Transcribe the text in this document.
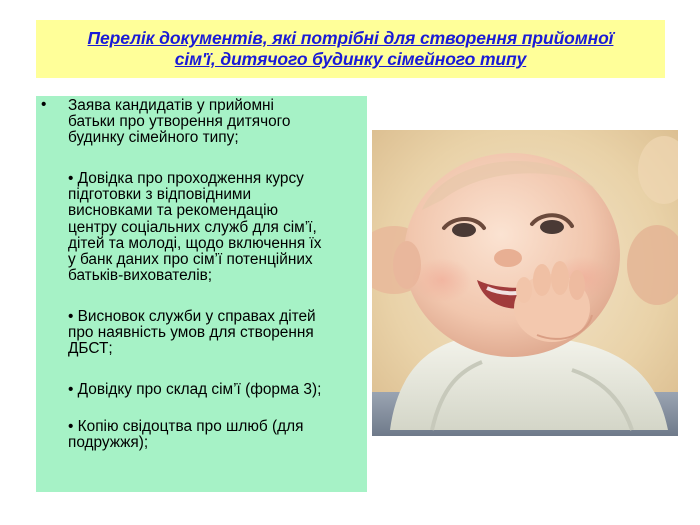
Перелік документів, які потрібні для створення прийомної
сім'ї, дитячого будинку сімейного типу
• Заява кандидатів у прийомні
батьки про утворення дитячого
будинку сімейного типу;
• Довідка про проходження курсу
підготовки з відповідними
висновками та рекомендацію
центру соціальних служб для сім’ї,
дітей та молоді, щодо включення їх
у банк даних про сім’ї потенційних
батьків-вихователів;
• Висновок служби у справах дітей
про наявність умов для створення
ДБСТ;
• Довідку про склад сім’ї (форма 3);
• Копію свідоцтва про шлюб (для
подружжя);
